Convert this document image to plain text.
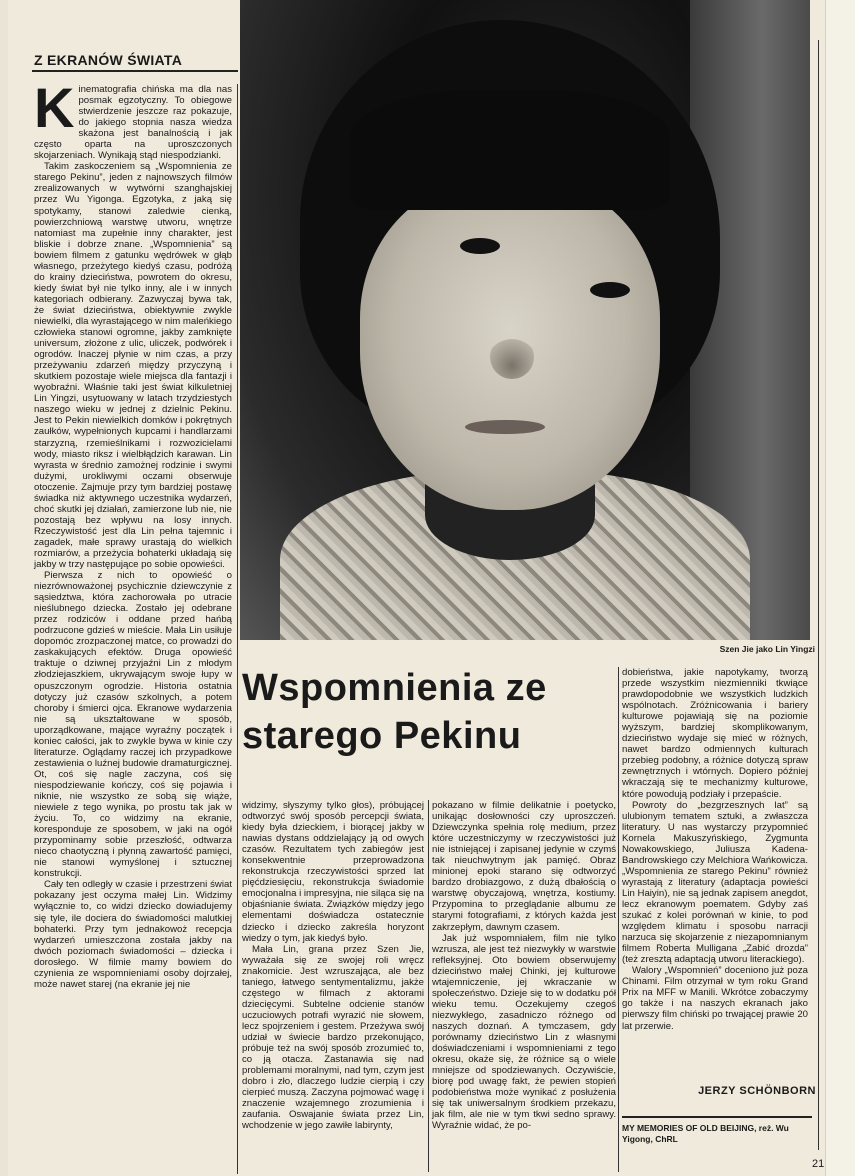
Z EKRANÓW ŚWIATA
Szen Jie jako Lin Yingzi
K inematografia chińska ma dla nas posmak egzotyczny. To obiegowe stwierdzenie jeszcze raz pokazuje, do jakiego stopnia nasza wiedza skażona jest banalnością i jak często oparta na uproszczonych skojarzeniach. Wynikają stąd niespodzianki.

Takim zaskoczeniem są „Wspomnienia ze starego Pekinu”, jeden z najnowszych filmów zrealizowanych w wytwórni szanghajskiej przez Wu Yigonga. Egzotyka, z jaką się spotykamy, stanowi zaledwie cienką, powierzchniową warstwę utworu, wnętrze natomiast ma zupełnie inny charakter, jest bliskie i dobrze znane. „Wspomnienia” są bowiem filmem z gatunku wędrówek w głąb własnego, przeżytego kiedyś czasu, podróżą do krainy dzieciństwa, powrotem do okresu, kiedy świat był nie tylko inny, ale i w innych kategoriach odbierany. Zazwyczaj bywa tak, że świat dzieciństwa, obiektywnie zwykle niewielki, dla wyrastającego w nim maleńkiego człowieka stanowi ogromne, jakby zamknięte universum, złożone z ulic, uliczek, podwórek i ogrodów. Inaczej płynie w nim czas, a przy przeżywaniu zdarzeń między przyczyną i skutkiem pozostaje wiele miejsca dla fantazji i wyobraźni. Właśnie taki jest świat kilkuletniej Lin Yingzi, usytuowany w latach trzydziestych naszego wieku w jednej z dzielnic Pekinu. Jest to Pekin niewielkich domków i pokrętnych zaułków, wypełnionych kupcami i handlarzami starzyzną, rzemieślnikami i rozwozicielami wody, miasto riksz i wielbłądzich karawan. Lin wyrasta w średnio zamożnej rodzinie i swymi dużymi, urokliwymi oczami obserwuje otoczenie. Zajmuje przy tym bardziej postawę świadka niż aktywnego uczestnika wydarzeń, choć skutki jej działań, zamierzone lub nie, nie pozostają bez wpływu na losy innych. Rzeczywistość jest dla Lin pełna tajemnic i zagadek, małe sprawy urastają do wielkich rozmiarów, a przeżycia bohaterki układają się jakby w trzy następujące po sobie opowieści.

Pierwsza z nich to opowieść o niezrównoważonej psychicznie dziewczynie z sąsiedztwa, która zachorowała po utracie nieślubnego dziecka. Zostało jej odebrane przez rodziców i oddane przed hańbą podrzucone gdzieś w mieście. Mała Lin usiłuje dopomóc zrozpaczonej matce, co prowadzi do zaskakujących efektów. Druga opowieść traktuje o dziwnej przyjaźni Lin z młodym złodziejaszkiem, ukrywającym swoje łupy w opuszczonym ogrodzie. Historia ostatnia dotyczy już czasów szkolnych, a potem choroby i śmierci ojca. Ekranowe wydarzenia nie są ukształtowane w sposób, uporządkowane, mające wyraźny początek i koniec całości, jak to zwykle bywa w kinie czy literaturze. Oglądamy raczej ich przypadkowe zestawienia o luźnej budowie dramaturgicznej. Ot, coś się nagle zaczyna, coś się niespodziewanie kończy, coś się pojawia i niknie, nie wszystko ze sobą się wiąże, niewiele z tego wynika, po prostu tak jak w życiu. To, co widzimy na ekranie, koresponduje ze sposobem, w jaki na ogół przypominamy sobie przeszłość, odtwarza nieco chaotyczną i płynną zawartość pamięci, nie stanowi wymyślonej i sztucznej konstrukcji.

Cały ten odległy w czasie i przestrzeni świat pokazany jest oczyma małej Lin. Widzimy wyłącznie to, co widzi dziecko dowiadujemy się tyle, ile dociera do świadomości malutkiej bohaterki. Przy tym jednakowoż recepcja wydarzeń umieszczona została jakby na dwóch poziomach świadomości – dziecka i dorosłego. W filmie mamy bowiem do czynienia ze wspomnieniami osoby dojrzałej, może nawet starej (na ekranie jej nie

Wspomnienia ze starego Pekinu

widzimy, słyszymy tylko głos), próbującej odtworzyć swój sposób percepcji świata, kiedy była dzieckiem, i biorącej jakby w nawias dystans oddzielający ją od owych czasów. Rezultatem tych zabiegów jest konsekwentnie przeprowadzona rekonstrukcja rzeczywistości sprzed lat pięćdziesięciu, rekonstrukcja świadomie emocjonalna i impresyjna, nie siląca się na objaśnianie świata. Związków między jego elementami doświadcza ostatecznie dziecko i dziecko zakreśla horyzont wiedzy o tym, jak kiedyś było.

Mała Lin, grana przez Szen Jie, wyważała się ze swojej roli wręcz znakomicie. Jest wzruszająca, ale bez taniego, łatwego sentymentalizmu, jakże częstego w filmach z aktorami dziecięcymi. Subtelne odcienie stanów uczuciowych potrafi wyrazić nie słowem, lecz spojrzeniem i gestem. Przeżywa swój udział w świecie bardzo przekonująco, próbuje też na swój sposób zrozumieć to, co ją otacza. Zastanawia się nad problemami moralnymi, nad tym, czym jest dobro i zło, dlaczego ludzie cierpią i czy cierpieć muszą. Zaczyna pojmować wagę i znaczenie wzajemnego zrozumienia i zaufania. Oswajanie świata przez Lin, wchodzenie w jego zawiłe labirynty,

pokazano w filmie delikatnie i poetycko, unikając dosłowności czy uproszczeń. Dziewczynka spełnia rolę medium, przez które uczestniczymy w rzeczywistości już nie istniejącej i zapisanej jedynie w czymś tak nieuchwytnym jak pamięć. Obraz minionej epoki starano się odtworzyć bardzo drobiazgowo, z dużą dbałością o warstwę obyczajową, wnętrza, kostiumy. Przypomina to przeglądanie albumu ze starymi fotografiami, z których każda jest zakrzepłym, dawnym czasem.

Jak już wspomniałem, film nie tylko wzrusza, ale jest też niezwykły w warstwie refleksyjnej. Oto bowiem obserwujemy dzieciństwo małej Chinki, jej kulturowe wtajemniczenie, jej wkraczanie w społeczeństwo. Dzieje się to w dodatku pół wieku temu. Oczekujemy czegoś niezwykłego, zasadniczo różnego od naszych doznań. A tymczasem, gdy porównamy dzieciństwo Lin z własnymi doświadczeniami i wspomnieniami z tego okresu, okaże się, że różnice są o wiele mniejsze od spodziewanych. Oczywiście, biorę pod uwagę fakt, że pewien stopień podobieństwa może wynikać z posłużenia się tak uniwersalnym środkiem przekazu, jak film, ale nie w tym tkwi sedno sprawy. Wyraźnie widać, że po-

dobieństwa, jakie napotykamy, tworzą przede wszystkim niezmienniki tkwiące prawdopodobnie we wszystkich ludzkich wspólnotach. Zróżnicowania i bariery kulturowe pojawiają się na poziomie wyższym, bardziej skomplikowanym, dzieciństwo wydaje się mieć w różnych, nawet bardzo odmiennych kulturach przebieg podobny, a różnice dotyczą spraw zewnętrznych i wtórnych. Dopiero później wkraczają się te mechanizmy kulturowe, które powodują podziały i przepaście.

Powroty do „bezgrzesznych lat” są ulubionym tematem sztuki, a zwłaszcza literatury. U nas wystarczy przypomnieć Kornela Makuszyńskiego, Zygmunta Nowakowskiego, Juliusza Kadena-Bandrowskiego czy Melchiora Wańkowicza. „Wspomnienia ze starego Pekinu” również wyrastają z literatury (adaptacja powieści Lin Haiyin), nie są jednak zapisem anegdot, lecz ekranowym poematem. Gdyby zaś szukać z kolei porównań w kinie, to pod względem klimatu i sposobu narracji narzuca się skojarzenie z niezapomnianym filmem Roberta Mulligana „Zabić drozda” (też zresztą adaptacją utworu literackiego).

Walory „Wspomnień” doceniono już poza Chinami. Film otrzymał w tym roku Grand Prix na MFF w Manili. Wkrótce zobaczymy go także i na naszych ekranach jako pierwszy film chiński po trwającej prawie 20 lat przerwie.

JERZY SCHÖNBORN
MY MEMORIES OF OLD BEIJING, reż. Wu Yigong, ChRL
21
